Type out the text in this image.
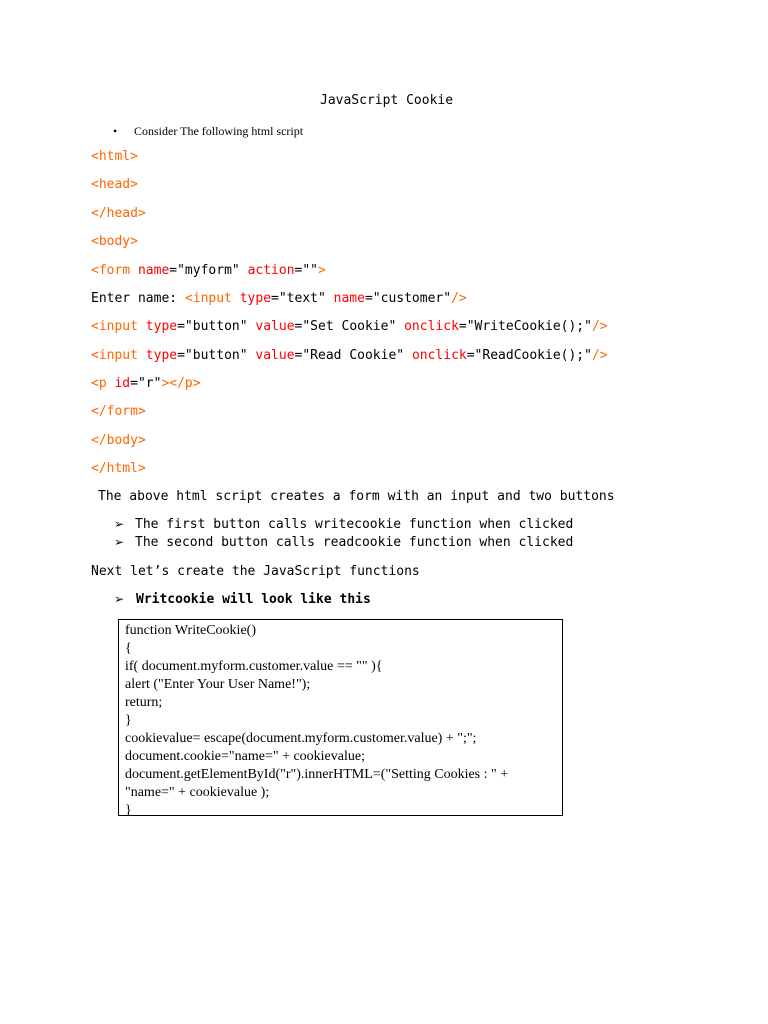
JavaScript Cookie
• Consider The following html script
<html>
<head>
</head>
<body>
<form name="myform" action="">
Enter name: <input type="text" name="customer"/>
<input type="button" value="Set Cookie" onclick="WriteCookie();"/>
<input type="button" value="Read Cookie" onclick="ReadCookie();"/>
<p id="r"></p>
</form>
</body>
</html>
The above html script creates a form with an input and two buttons
➢ The first button calls writecookie function when clicked
➢ The second button calls readcookie function when clicked
Next let’s create the JavaScript functions
➢ Writcookie will look like this
function WriteCookie()
{
if( document.myform.customer.value == "" ){
alert ("Enter Your User Name!");
return;
}
cookievalue= escape(document.myform.customer.value) + ";";
document.cookie="name=" + cookievalue;
document.getElementById("r").innerHTML=("Setting Cookies : " +
"name=" + cookievalue );
}
